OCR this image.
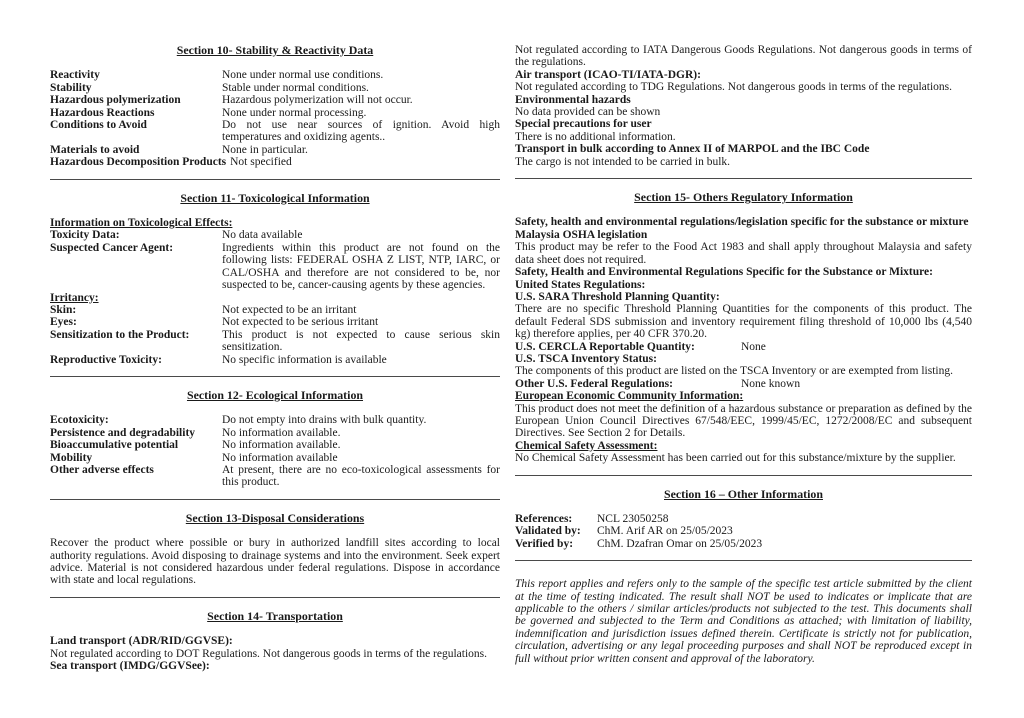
Section 10- Stability & Reactivity Data
Reactivity	None under normal use conditions.
Stability	Stable under normal conditions.
Hazardous polymerization	Hazardous polymerization will not occur.
Hazardous Reactions	None under normal processing.
Conditions to Avoid	Do not use near sources of ignition. Avoid high temperatures and oxidizing agents..
Materials to avoid	None in particular.
Hazardous Decomposition Products Not specified
Section 11- Toxicological Information
Information on Toxicological Effects:
Toxicity Data:	No data available
Suspected Cancer Agent:	Ingredients within this product are not found on the following lists: FEDERAL OSHA Z LIST, NTP, IARC, or CAL/OSHA and therefore are not considered to be, nor suspected to be, cancer-causing agents by these agencies.
Irritancy:
Skin:	Not expected to be an irritant
Eyes:	Not expected to be serious irritant
Sensitization to the Product:	This product is not expected to cause serious skin sensitization.
Reproductive Toxicity:	No specific information is available
Section 12- Ecological Information
Ecotoxicity:	Do not empty into drains with bulk quantity.
Persistence and degradability	No information available.
Bioaccumulative potential	No information available.
Mobility	No information available
Other adverse effects	At present, there are no eco-toxicological assessments for this product.
Section 13-Disposal Considerations

Recover the product where possible or bury in authorized landfill sites according to local authority regulations. Avoid disposing to drainage systems and into the environment. Seek expert advice. Material is not considered hazardous under federal regulations. Dispose in accordance with state and local regulations.

Section 14- Transportation
Land transport (ADR/RID/GGVSE):
Not regulated according to DOT Regulations. Not dangerous goods in terms of the regulations.
Sea transport (IMDG/GGVSee):

Not regulated according to IATA Dangerous Goods Regulations. Not dangerous goods in terms of the regulations.

Air transport (ICAO-TI/IATA-DGR):
Not regulated according to TDG Regulations. Not dangerous goods in terms of the regulations.
Environmental hazards
No data provided can be shown
Special precautions for user
There is no additional information.
Transport in bulk according to Annex II of MARPOL and the IBC Code
The cargo is not intended to be carried in bulk.
Section 15- Others Regulatory Information
Safety, health and environmental regulations/legislation specific for the substance or mixture
Malaysia OSHA legislation

This product may be refer to the Food Act 1983 and shall apply throughout Malaysia and safety data sheet does not required.

Safety, Health and Environmental Regulations Specific for the Substance or Mixture:
United States Regulations:
U.S. SARA Threshold Planning Quantity:

There are no specific Threshold Planning Quantities for the components of this product. The default Federal SDS submission and inventory requirement filing threshold of 10,000 lbs (4,540 kg) therefore applies, per 40 CFR 370.20.

U.S. CERCLA Reportable Quantity:	None
U.S. TSCA Inventory Status:
The components of this product are listed on the TSCA Inventory or are exempted from listing.
Other U.S. Federal Regulations:	None known
European Economic Community Information:

This product does not meet the definition of a hazardous substance or preparation as defined by the European Union Council Directives 67/548/EEC, 1999/45/EC, 1272/2008/EC and subsequent Directives. See Section 2 for Details.

Chemical Safety Assessment:
No Chemical Safety Assessment has been carried out for this substance/mixture by the supplier.
Section 16 – Other Information
References:	NCL 23050258
Validated by:	ChM. Arif AR on 25/05/2023
Verified by:	ChM. Dzafran Omar on 25/05/2023

This report applies and refers only to the sample of the specific test article submitted by the client at the time of testing indicated. The result shall NOT be used to indicates or implicate that are applicable to the others / similar articles/products not subjected to the test. This documents shall be governed and subjected to the Term and Conditions as attached; with limitation of liability, indemnification and jurisdiction issues defined therein. Certificate is strictly not for publication, circulation, advertising or any legal proceeding purposes and shall NOT be reproduced except in full without prior written consent and approval of the laboratory.
